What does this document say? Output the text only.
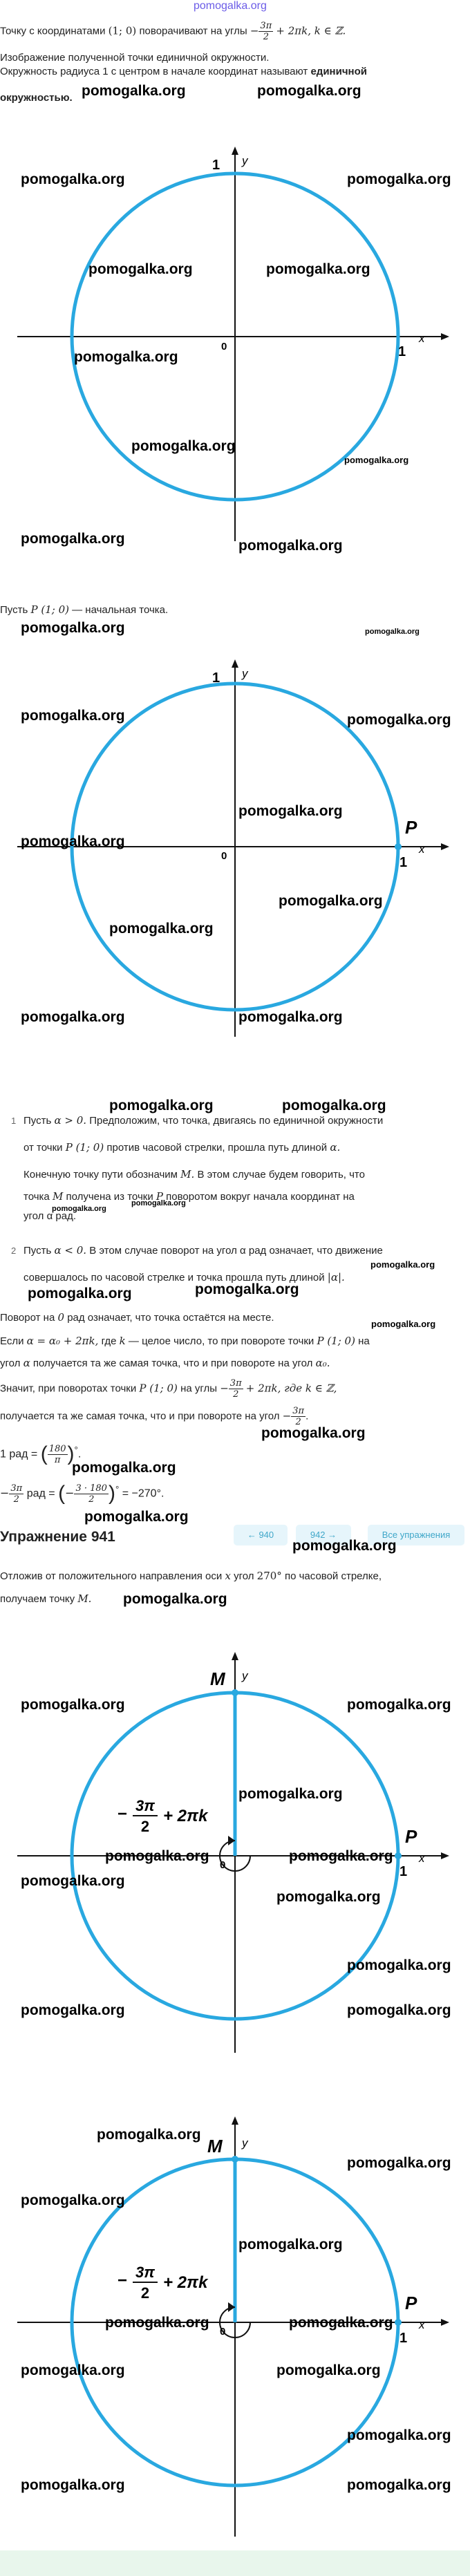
pomogalka.org
Точку с координатами (1; 0) поворачивают на углы − $\frac{3\pi}{2} + 2\pi k$, k ∈ ℤ.
Изображение полученной точки единичной окружности.
Окружность радиуса 1 с центром в начале координат называют единичной
окружностью. pomogalka.org	pomogalka.org
y
1
x
1
0
pomogalka.org	pomogalka.org
pomogalka.org	pomogalka.org
pomogalka.org
pomogalka.org
pomogalka.org
pomogalka.org	pomogalka.org
Пусть P (1; 0) — начальная точка.
pomogalka.org	pomogalka.org
y
1
P
x
1
0
pomogalka.org	pomogalka.org
pomogalka.org
pomogalka.org
pomogalka.org
pomogalka.org
pomogalka.org	pomogalka.org
pomogalka.org	pomogalka.org
1 Пусть α > 0. Предположим, что точка, двигаясь по единичной окружности
от точки P (1; 0) против часовой стрелки, прошла путь длиной α.
Конечную точку пути обозначим M. В этом случае будем говорить, что
точка M получена из точки P поворотом вокруг начала координат на
угол α рад.
pomogalka.org
pomogalka.org
2 Пусть α < 0. В этом случае поворот на угол α рад означает, что движение
pomogalka.org
совершалось по часовой стрелке и точка прошла путь длиной |α|.
pomogalka.org	pomogalka.org
Поворот на 0 рад означает, что точка остаётся на месте.
pomogalka.org
Если α = α₀ + 2πk, где k — целое число, то при повороте точки P (1; 0) на
угол α получается та же самая точка, что и при повороте на угол α₀.
Значит, при поворотах точки P (1; 0) на углы − $\frac{3\pi}{2} + 2\pi k$, где k ∈ ℤ,
получается та же самая точка, что и при повороте на угол − $\frac{3\pi}{2}$ .
pomogalka.org
1 рад = ( $\frac{180}{\pi} )^\circ$.
− $\frac{3\pi}{2}$ рад = (− $\frac{3 \cdot 180}{2} )^\circ = -270^\circ$.
pomogalka.org
pomogalka.org
Упражнение 941	← 940	942 →	Все упражнения
pomogalka.org
Отложив от положительного направления оси x угол 270° по часовой стрелке,
получаем точку M. pomogalka.org
M y
P
x
1
0
− 3π
2
+ 2πk
pomogalka.org	pomogalka.org
pomogalka.org
pomogalka.org
pomogalka.org
pomogalka.org
pomogalka.org
pomogalka.org
pomogalka.org	pomogalka.org
M y
P
x
1
0
− 3π
2
+ 2πk
pomogalka.org
pomogalka.org
pomogalka.org
pomogalka.org
pomogalka.org	pomogalka.org
pomogalka.org	pomogalka.org
pomogalka.org
pomogalka.org	pomogalka.org
